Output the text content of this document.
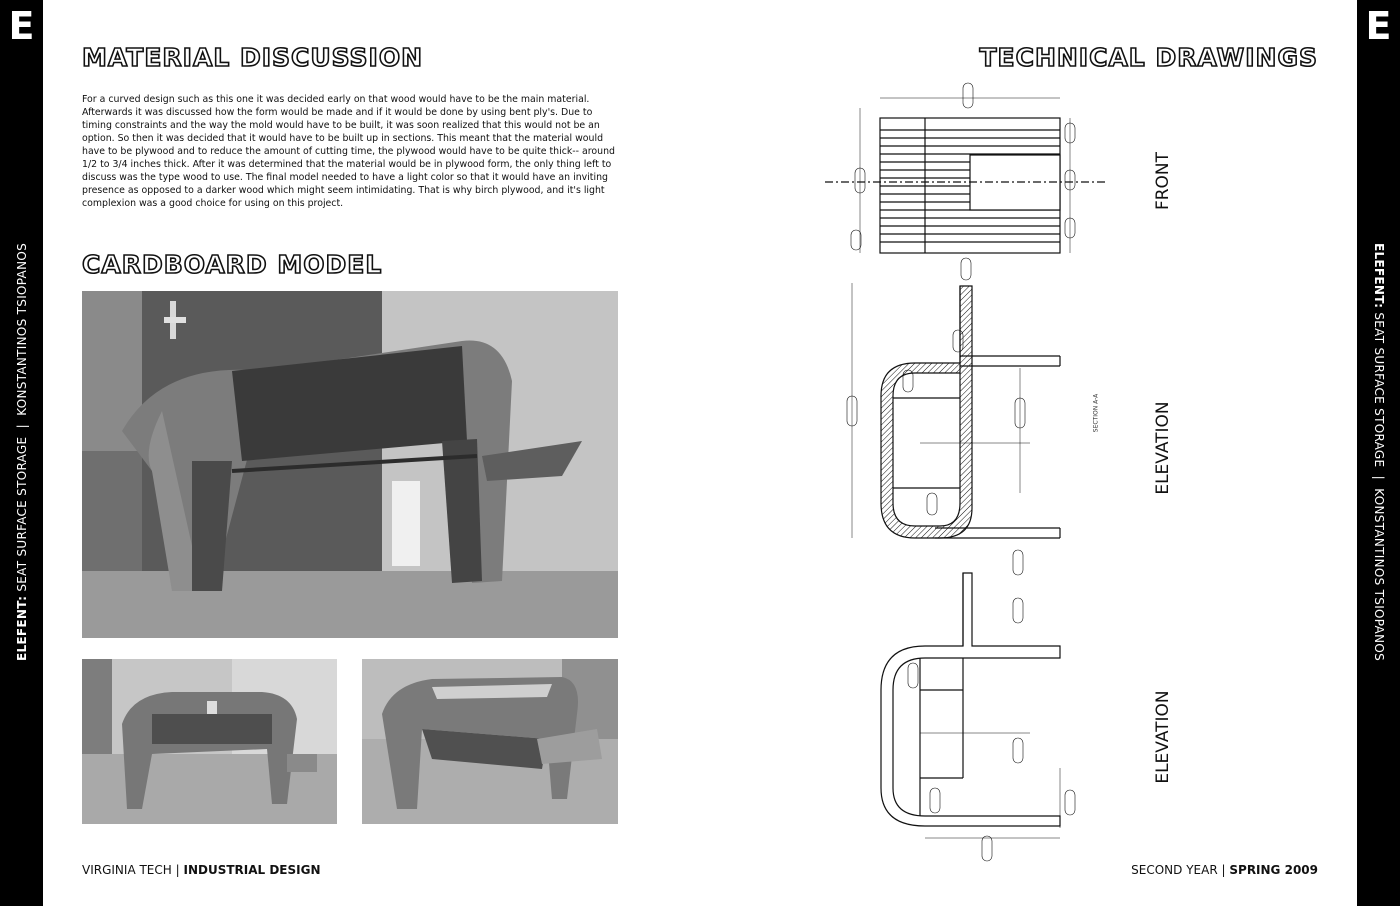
E
ELEFENT: SEAT SURFACE STORAGE  |  KONSTANTINOS TSIOPANOS
E
ELEFENT: SEAT SURFACE STORAGE  |  KONSTANTINOS TSIOPANOS
MATERIAL DISCUSSION
For a curved design such as this one it was decided early on that wood would have to be the main material. Afterwards it was discussed how the form would be made and if it would be done by using bent ply's. Due to timing constraints and the way the mold would have to be built, it was soon realized that this would not be an option. So then it was decided that it would have to be built up in sections. This meant that the material would have to be plywood and to reduce the amount of cutting time, the plywood would have to be quite thick-- around 1/2 to 3/4 inches thick. After it was determined that the material would be in plywood form, the only thing left to discuss was the type wood to use. The final model needed to have a light color so that it would have an inviting presence as opposed to a darker wood which might seem intimidating. That is why birch plywood, and it's light complexion was a good choice for using on this project.
CARDBOARD MODEL
VIRGINIA TECH | INDUSTRIAL DESIGN
TECHNICAL DRAWINGS
SECTION A-A
FRONT
ELEVATION
ELEVATION
SECOND YEAR | SPRING 2009
